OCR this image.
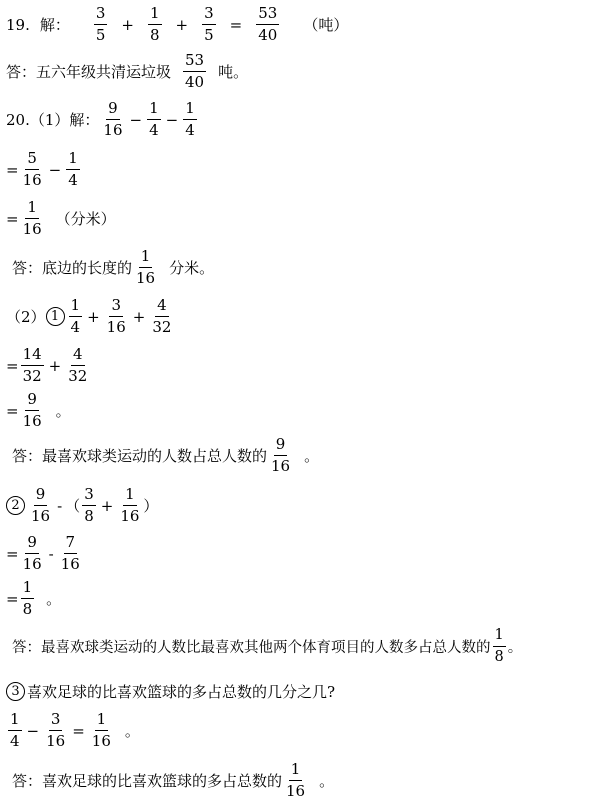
19. 解： $\frac{3}{5} + \frac{1}{8} + \frac{3}{5} = \frac{53}{40}$ （吨）
答：五六年级共清运垃圾 $\frac{53}{40}$ 吨。
20.（1）解： $\frac{9}{16} - \frac{1}{4} - \frac{1}{4}$
= $\frac{5}{16} - \frac{1}{4}$
= $\frac{1}{16}$ （分米）
答：底边的长度的 $\frac{1}{16}$ 分米。
（2） $1 \frac{1}{4} + \frac{3}{16} + \frac{4}{32}$
= $\frac{14}{32} + \frac{4}{32}$
= $\frac{9}{16}$ 。
答：最喜欢球类运动的人数占总人数的 $\frac{9}{16}$ 。
$2 \frac{9}{16}$ - （ $\frac{3}{8} + \frac{1}{16}$ ）
= $\frac{9}{16} - \frac{7}{16}$
= $\frac{1}{8}$ 。
答：最喜欢球类运动的人数比最喜欢其他两个体育项目的人数多占总人数的 $\frac{1}{8}$ 。
3 喜欢足球的比喜欢篮球的多占总数的几分之几?
$\frac{1}{4} - \frac{3}{16} = \frac{1}{16}$ 。
答：喜欢足球的比喜欢篮球的多占总数的 $\frac{1}{16}$ 。
